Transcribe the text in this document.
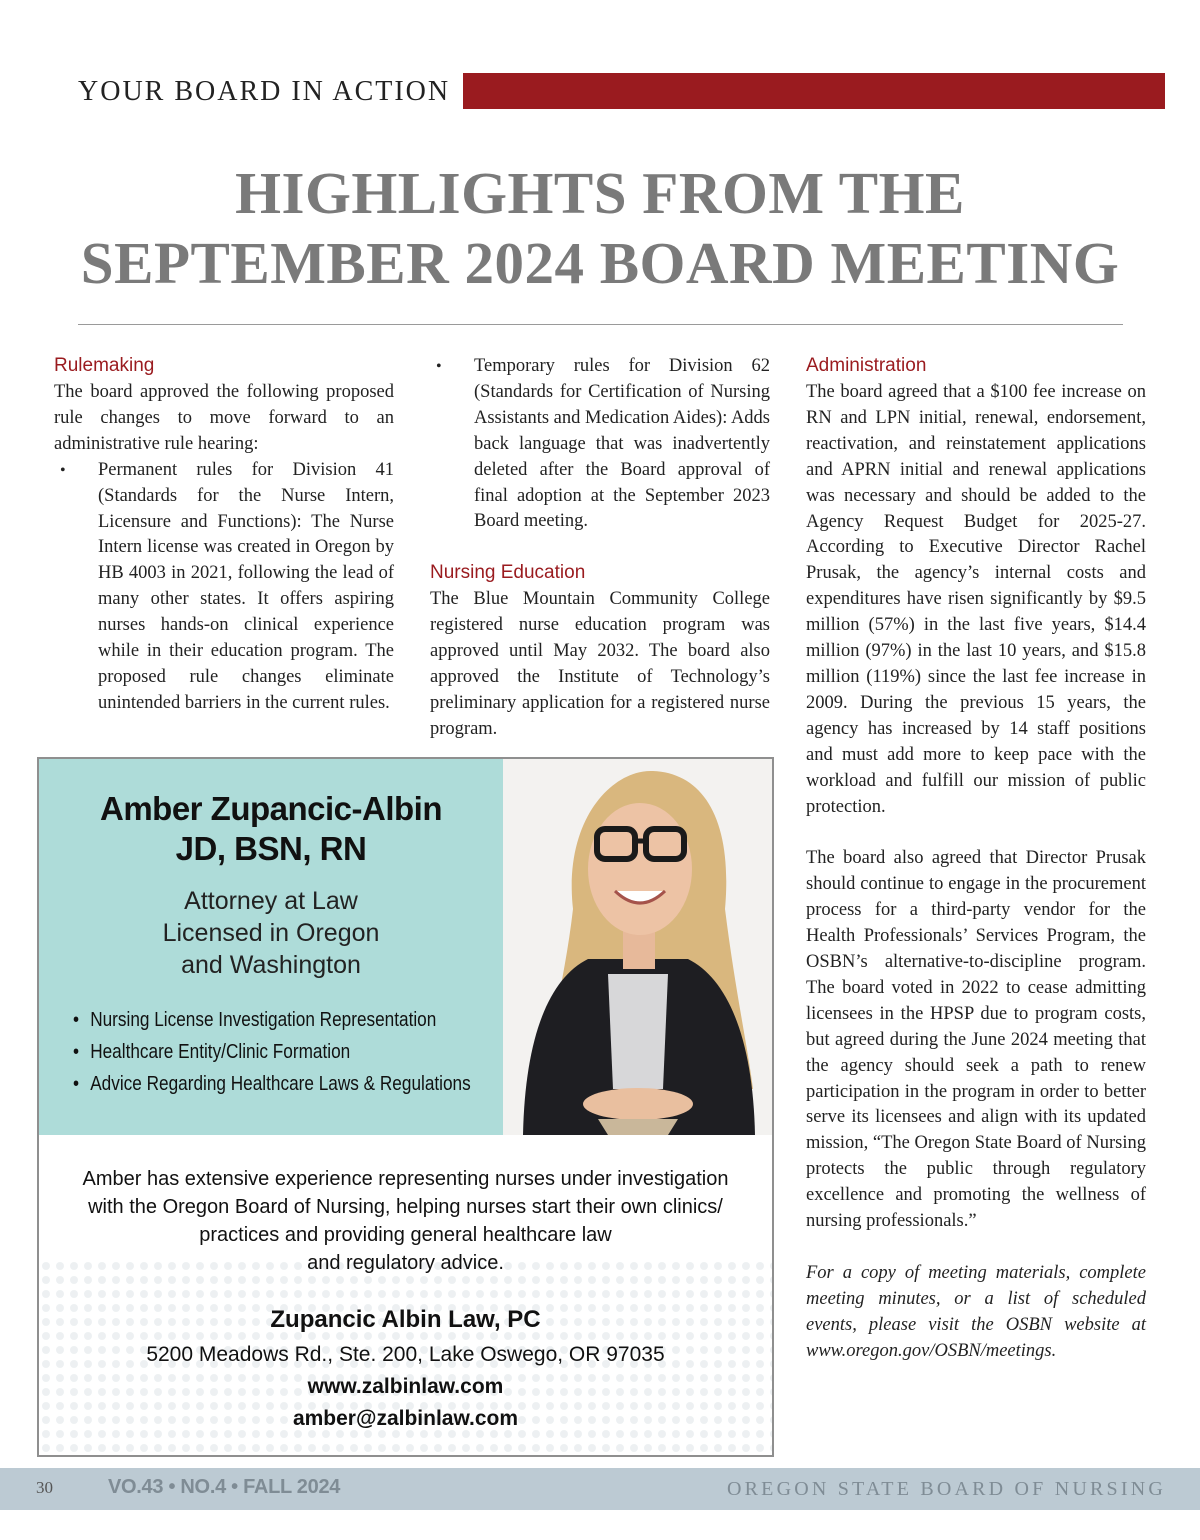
YOUR BOARD IN ACTION
HIGHLIGHTS FROM THE
SEPTEMBER 2024 BOARD MEETING
Rulemaking

The board approved the following proposed rule changes to move forward to an administrative rule hearing:

• Permanent rules for Division 41 (Standards for the Nurse Intern, Licensure and Functions): The Nurse Intern license was created in Oregon by HB 4003 in 2021, following the lead of many other states. It offers aspiring nurses hands-on clinical experience while in their education program. The proposed rule changes eliminate unintended barriers in the current rules.
• Temporary rules for Division 62 (Standards for Certification of Nursing Assistants and Medication Aides): Adds back language that was inadvertently deleted after the Board approval of final adoption at the September 2023 Board meeting.
Nursing Education

The Blue Mountain Community College registered nurse education program was approved until May 2032. The board also approved the Institute of Technology’s preliminary application for a registered nurse program.

Administration

The board agreed that a $100 fee increase on RN and LPN initial, renewal, endorsement, reactivation, and reinstatement applications and APRN initial and renewal applications was necessary and should be added to the Agency Request Budget for 2025-27. According to Executive Director Rachel Prusak, the agency’s internal costs and expenditures have risen significantly by $9.5 million (57%) in the last five years, $14.4 million (97%) in the last 10 years, and $15.8 million (119%) since the last fee increase in 2009. During the previous 15 years, the agency has increased by 14 staff positions and must add more to keep pace with the workload and fulfill our mission of public protection.

The board also agreed that Director Prusak should continue to engage in the procurement process for a third-party vendor for the Health Professionals’ Services Program, the OSBN’s alternative-to-discipline program. The board voted in 2022 to cease admitting licensees in the HPSP due to program costs, but agreed during the June 2024 meeting that the agency should seek a path to renew participation in the program in order to better serve its licensees and align with its updated mission, “The Oregon State Board of Nursing protects the public through regulatory excellence and promoting the wellness of nursing professionals.”

For a copy of meeting materials, complete meeting minutes, or a list of scheduled events, please visit the OSBN website at www.oregon.gov/OSBN/meetings.

Amber Zupancic-Albin
JD, BSN, RN
Attorney at Law
Licensed in Oregon
and Washington
• Nursing License Investigation Representation
• Healthcare Entity/Clinic Formation
• Advice Regarding Healthcare Laws & Regulations
Amber has extensive experience representing nurses under investigation
with the Oregon Board of Nursing, helping nurses start their own clinics/
practices and providing general healthcare law
and regulatory advice.
Zupancic Albin Law, PC
5200 Meadows Rd., Ste. 200, Lake Oswego, OR 97035
www.zalbinlaw.com
amber@zalbinlaw.com
30	VO.43 • NO.4 • FALL 2024	OREGON STATE BOARD OF NURSING
